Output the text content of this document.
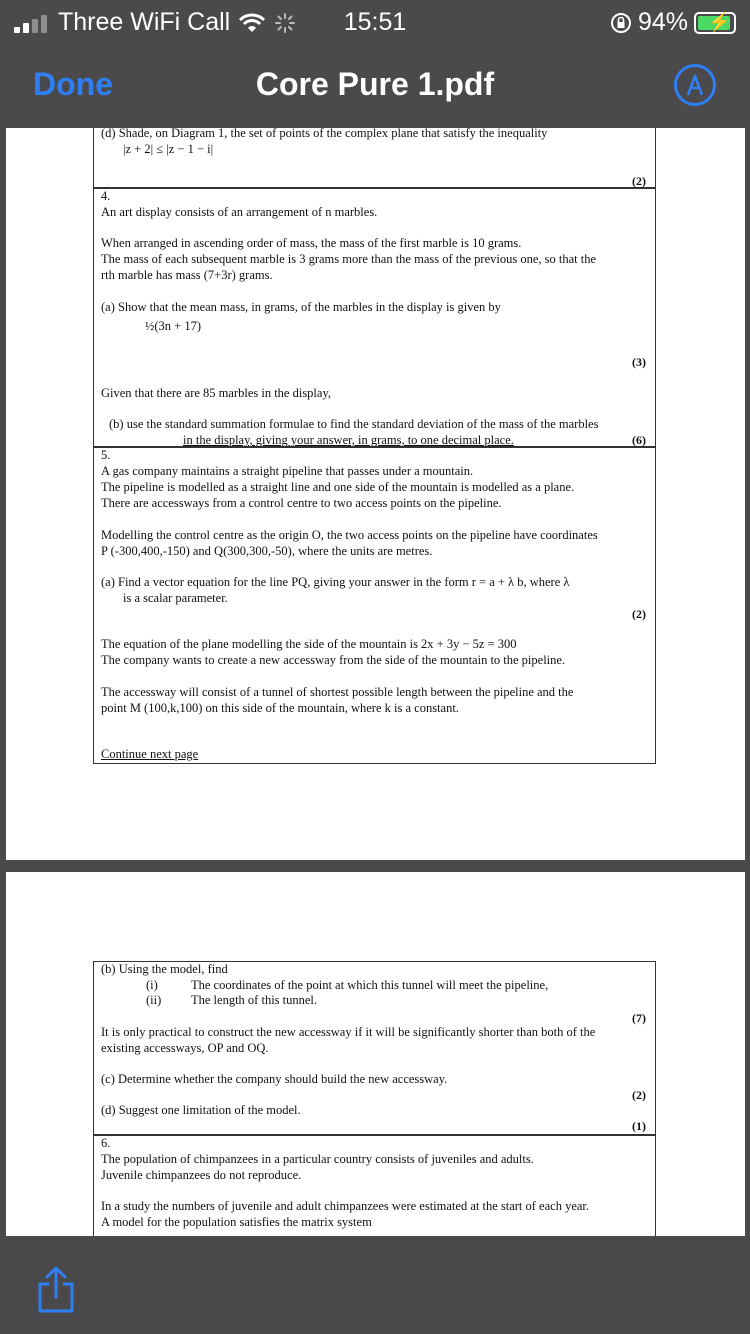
Three WiFi Call	15:51	94% ⚡
Done	Core Pure 1.pdf
(d) Shade, on Diagram 1, the set of points of the complex plane that satisfy the inequality
|z + 2| ≤ |z − 1 − i|
(2)
4.
An art display consists of an arrangement of n marbles.
When arranged in ascending order of mass, the mass of the first marble is 10 grams.
The mass of each subsequent marble is 3 grams more than the mass of the previous one, so that the
rth marble has mass (7+3r) grams.
(a) Show that the mean mass, in grams, of the marbles in the display is given by
½(3n + 17)
(3)
Given that there are 85 marbles in the display,
(b) use the standard summation formulae to find the standard deviation of the mass of the marbles
in the display, giving your answer, in grams, to one decimal place.	(6)
5.
A gas company maintains a straight pipeline that passes under a mountain.
The pipeline is modelled as a straight line and one side of the mountain is modelled as a plane.
There are accessways from a control centre to two access points on the pipeline.
Modelling the control centre as the origin O, the two access points on the pipeline have coordinates
P (-300,400,-150) and Q(300,300,-50), where the units are metres.
(a) Find a vector equation for the line PQ, giving your answer in the form r = a + λ b, where λ
is a scalar parameter.
(2)
The equation of the plane modelling the side of the mountain is 2x + 3y − 5z = 300
The company wants to create a new accessway from the side of the mountain to the pipeline.
The accessway will consist of a tunnel of shortest possible length between the pipeline and the
point M (100,k,100) on this side of the mountain, where k is a constant.
Continue next page
(b) Using the model, find
(i)	The coordinates of the point at which this tunnel will meet the pipeline,
(ii) The length of this tunnel.
(7)
It is only practical to construct the new accessway if it will be significantly shorter than both of the
existing accessways, OP and OQ.
(c) Determine whether the company should build the new accessway.
(2)
(d) Suggest one limitation of the model.
(1)
6.
The population of chimpanzees in a particular country consists of juveniles and adults.
Juvenile chimpanzees do not reproduce.
In a study the numbers of juvenile and adult chimpanzees were estimated at the start of each year.
A model for the population satisfies the matrix system
